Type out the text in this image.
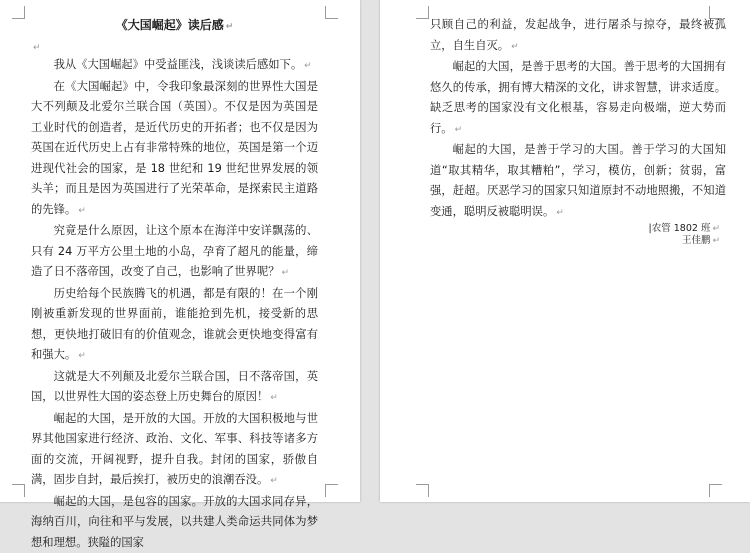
《大国崛起》读后感 ↵
↵

我从《大国崛起》中受益匪浅，浅谈读后感如下。 ↵

在《大国崛起》中，令我印象最深刻的世界性大国是大不列颠及北爱尔兰联合国（英国）。不仅是因为英国是工业时代的创造者，是近代历史的开拓者；也不仅是因为英国在近代历史上占有非常特殊的地位，英国是第一个迈进现代社会的国家，是 18 世纪和 19 世纪世界发展的领头羊；而且是因为英国进行了光荣革命，是探索民主道路的先锋。 ↵

究竟是什么原因，让这个原本在海洋中安详飘荡的、只有 24 万平方公里土地的小岛，孕育了超凡的能量，缔造了日不落帝国，改变了自己，也影响了世界呢？ ↵

历史给每个民族腾飞的机遇，都是有限的！在一个刚刚被重新发现的世界面前，谁能抢到先机，接受新的思想，更快地打破旧有的价值观念，谁就会更快地变得富有和强大。 ↵

这就是大不列颠及北爱尔兰联合国，日不落帝国，英国，以世界性大国的姿态登上历史舞台的原因！ ↵

崛起的大国，是开放的大国。开放的大国积极地与世界其他国家进行经济、政治、文化、军事、科技等诸多方面的交流，开阔视野，提升自我。封闭的国家，骄傲自满，固步自封，最后挨打，被历史的浪潮吞没。 ↵

崛起的大国，是包容的国家。开放的大国求同存异，海纳百川，向往和平与发展，以共建人类命运共同体为梦想和理想。狭隘的国家

只顾自己的利益，发起战争，进行屠杀与掠夺，最终被孤立，自生自灭。 ↵

崛起的大国，是善于思考的大国。善于思考的大国拥有悠久的传承，拥有博大精深的文化，讲求智慧，讲求适度。缺乏思考的国家没有文化根基，容易走向极端，逆大势而行。 ↵

崛起的大国，是善于学习的大国。善于学习的大国知道“取其精华，取其糟粕”，学习，模仿，创新；贫弱，富强，赶超。厌恶学习的国家只知道原封不动地照搬，不知道变通，聪明反被聪明误。 ↵

|农管 1802 班 ↵
王佳鹏 ↵
